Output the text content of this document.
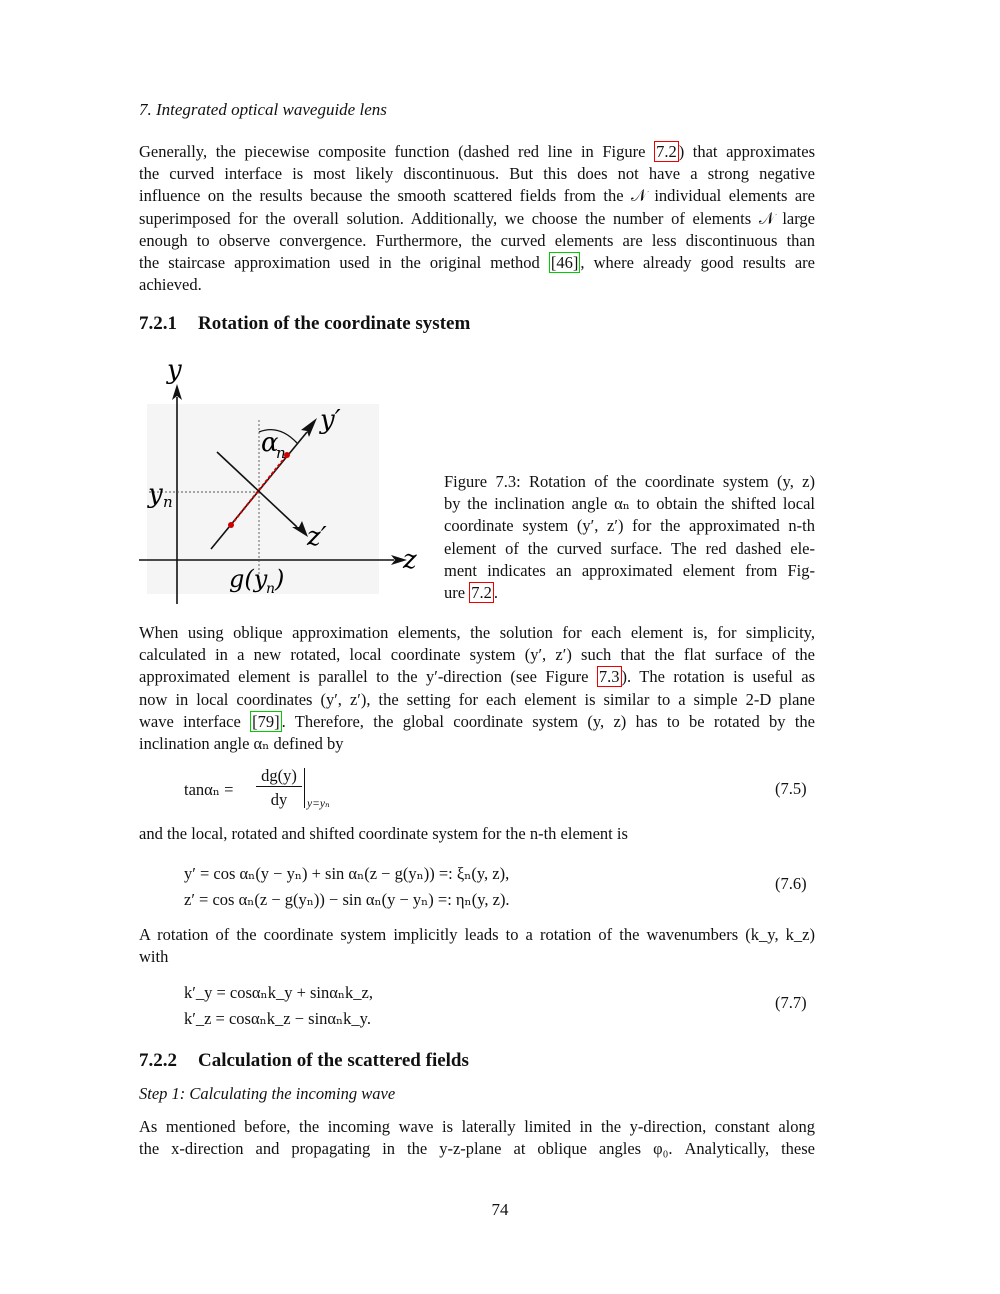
7. Integrated optical waveguide lens
Generally, the piecewise composite function (dashed red line in Figure 7.2 ) that approximates
the curved interface is most likely discontinuous. But this does not have a strong negative
influence on the results because the smooth scattered fields from the 𝒩 individual elements are
superimposed for the overall solution. Additionally, we choose the number of elements 𝒩 large
enough to observe convergence. Furthermore, the curved elements are less discontinuous than
the staircase approximation used in the original method [46] , where already good results are
achieved.
7.2.1 Rotation of the coordinate system
y
y′
α
n
y n
z′
z
g(y
n )
Figure 7.3: Rotation of the coordinate system (y, z)
by the inclination angle αₙ to obtain the shifted local
coordinate system (y′, z′) for the approximated n-th
element of the curved surface. The red dashed ele-
ment indicates an approximated element from Fig-
ure 7.2 .
When using oblique approximation elements, the solution for each element is, for simplicity,
calculated in a new rotated, local coordinate system (y′, z′) such that the flat surface of the
approximated element is parallel to the y′-direction (see Figure 7.3 ). The rotation is useful as
now in local coordinates (y′, z′), the setting for each element is similar to a simple 2-D plane
wave interface [79] . Therefore, the global coordinate system (y, z) has to be rotated by the
inclination angle αₙ defined by
tanαₙ =
dg(y)
dy	y=yₙ
(7.5)
and the local, rotated and shifted coordinate system for the n-th element is
y′ = cos αₙ(y − yₙ) + sin αₙ(z − g(yₙ)) =: ξₙ(y, z),
z′ = cos αₙ(z − g(yₙ)) − sin αₙ(y − yₙ) =: ηₙ(y, z).
(7.6)
A rotation of the coordinate system implicitly leads to a rotation of the wavenumbers (k_y, k_z)
with
k′_y = cosαₙk_y + sinαₙk_z,
k′_z = cosαₙk_z − sinαₙk_y.
(7.7)
7.2.2 Calculation of the scattered fields
Step 1: Calculating the incoming wave
As mentioned before, the incoming wave is laterally limited in the y-direction, constant along
the x-direction and propagating in the y-z-plane at oblique angles φ₀. Analytically, these
74
